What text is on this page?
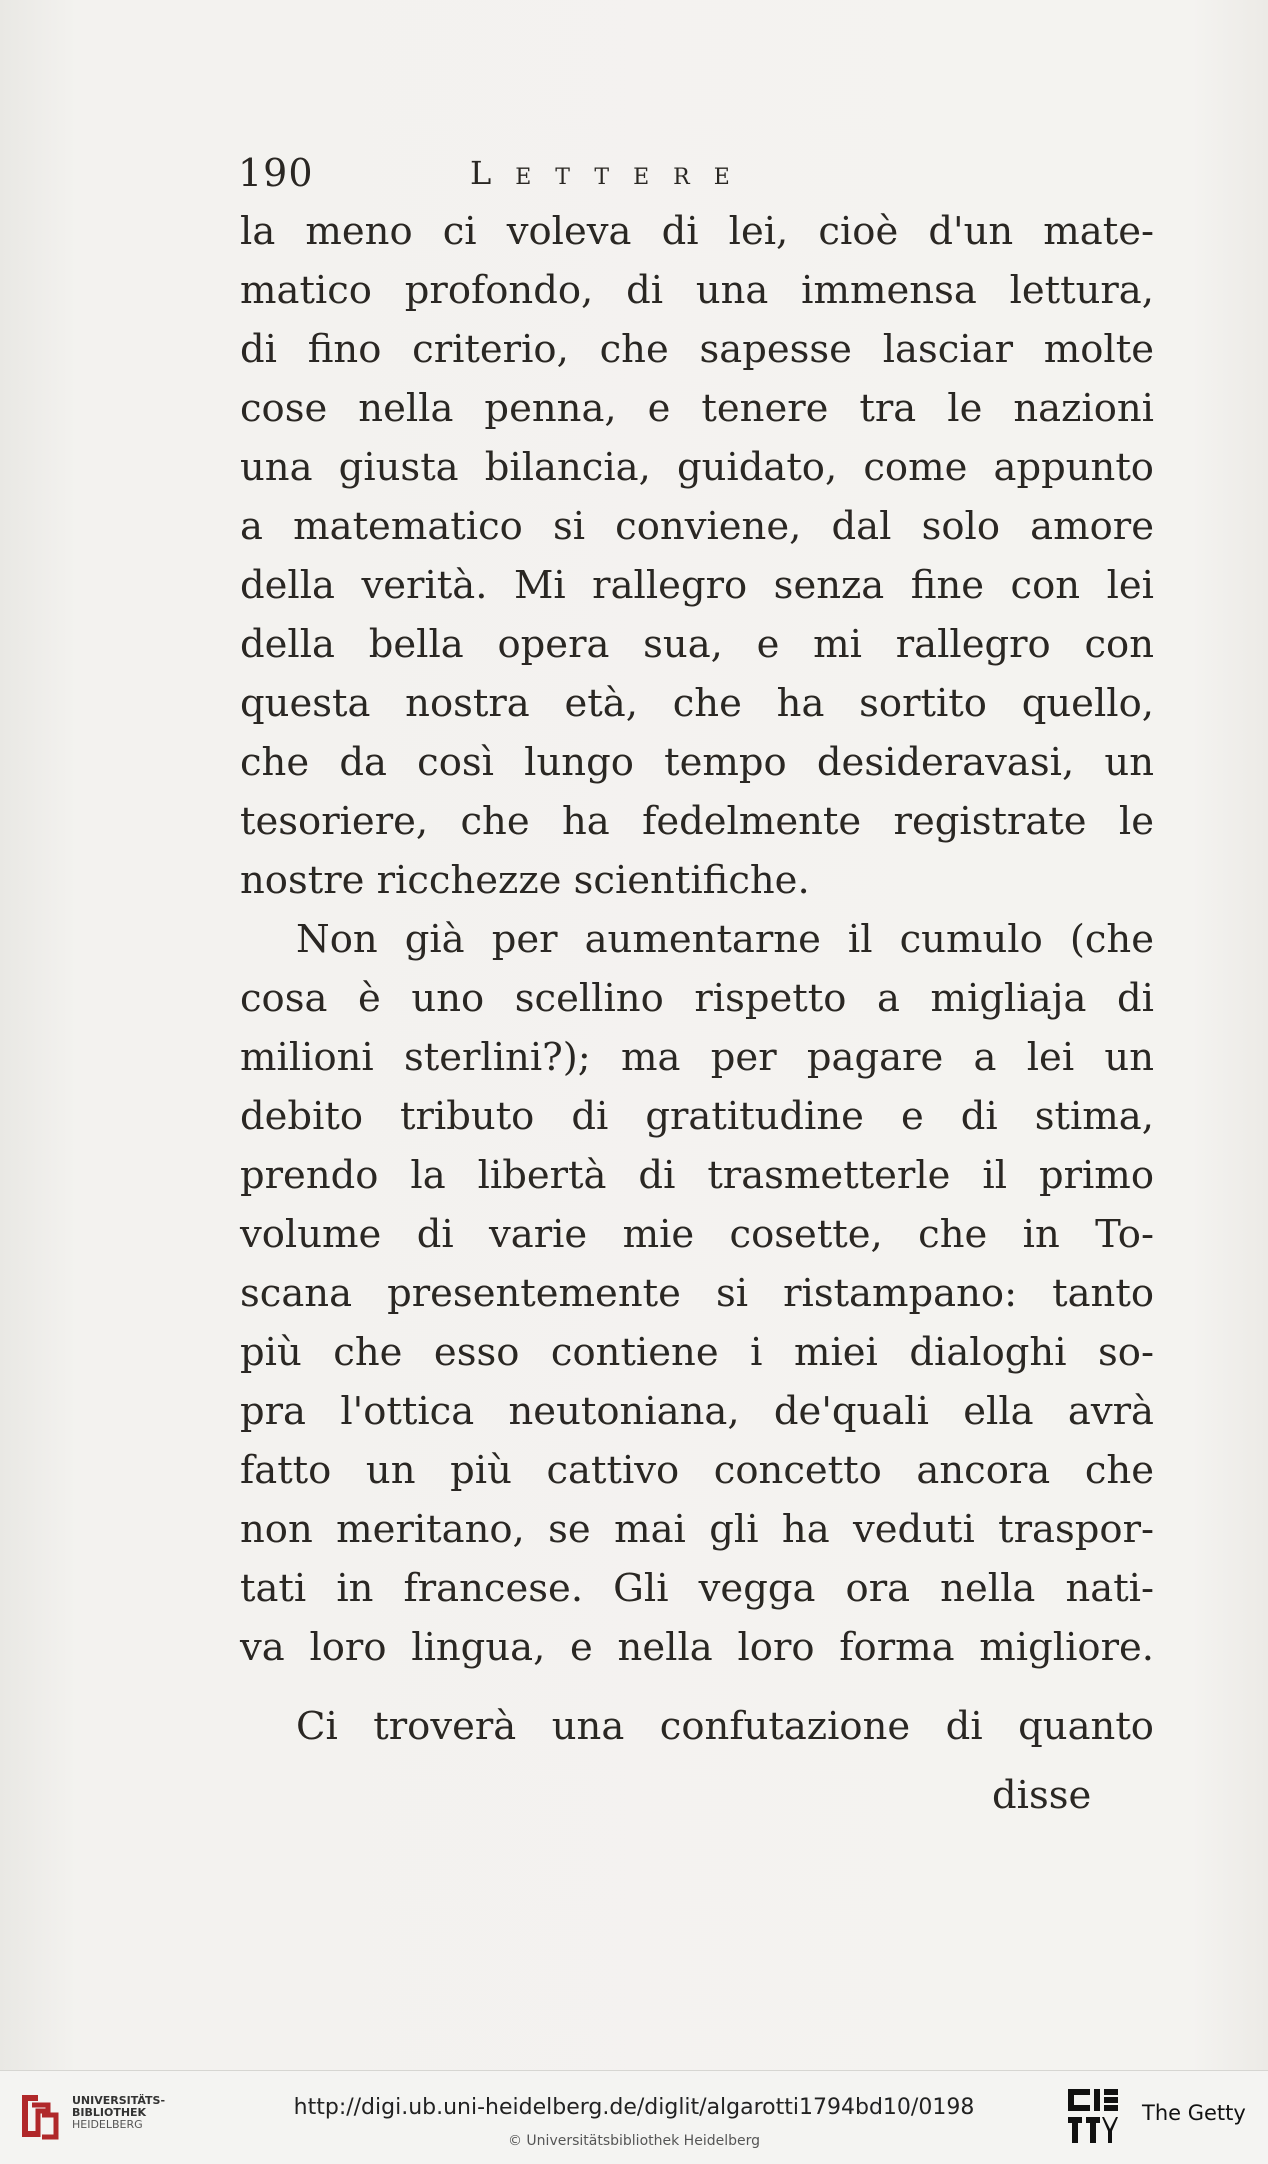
190	Lettere

la meno ci voleva di lei, cioè d'un mate-

matico profondo, di una immensa lettura,

di fino criterio, che sapesse lasciar molte

cose nella penna, e tenere tra le nazioni

una giusta bilancia, guidato, come appunto

a matematico si conviene, dal solo amore

della verità. Mi rallegro senza fine con lei

della bella opera sua, e mi rallegro con

questa nostra età, che ha sortito quello,

che da così lungo tempo desideravasi, un

tesoriere, che ha fedelmente registrate le

nostre ricchezze scientifiche.

Non già per aumentarne il cumulo (che

cosa è uno scellino rispetto a migliaja di

milioni sterlini?); ma per pagare a lei un

debito tributo di gratitudine e di stima,

prendo la libertà di trasmetterle il primo

volume di varie mie cosette, che in To-

scana presentemente si ristampano: tanto

più che esso contiene i miei dialoghi so-

pra l'ottica neutoniana, de'quali ella avrà

fatto un più cattivo concetto ancora che

non meritano, se mai gli ha veduti traspor-

tati in francese. Gli vegga ora nella nati-

va loro lingua, e nella loro forma migliore.

Ci troverà una confutazione di quanto

disse
UNIVERSITÄTS-
BIBLIOTHEK
HEIDELBERG
http://digi.ub.uni-heidelberg.de/diglit/algarotti1794bd10/0198
© Universitätsbibliothek Heidelberg
The Getty
